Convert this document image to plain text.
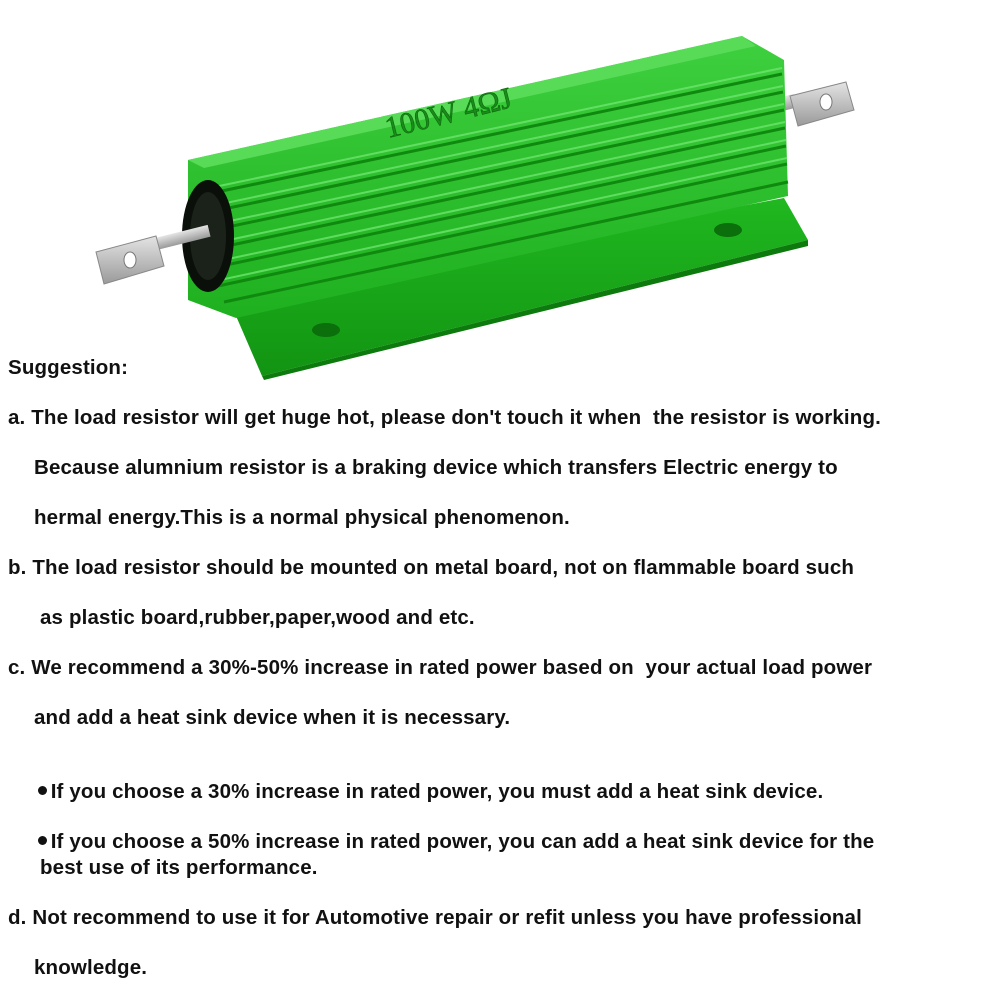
100W 4ΩJ
Suggestion:
a. The load resistor will get huge hot, please don't touch it when  the resistor is working.
Because alumnium resistor is a braking device which transfers Electric energy to
hermal energy.This is a normal physical phenomenon.
b. The load resistor should be mounted on metal board, not on flammable board such
as plastic board,rubber,paper,wood and etc.
c. We recommend a 30%-50% increase in rated power based on  your actual load power
and add a heat sink device when it is necessary.

If you choose a 30% increase in rated power, you must add a heat sink device.

If you choose a 50% increase in rated power, you can add a heat sink device for the

best use of its performance.
d. Not recommend to use it for Automotive repair or refit unless you have professional
knowledge.
